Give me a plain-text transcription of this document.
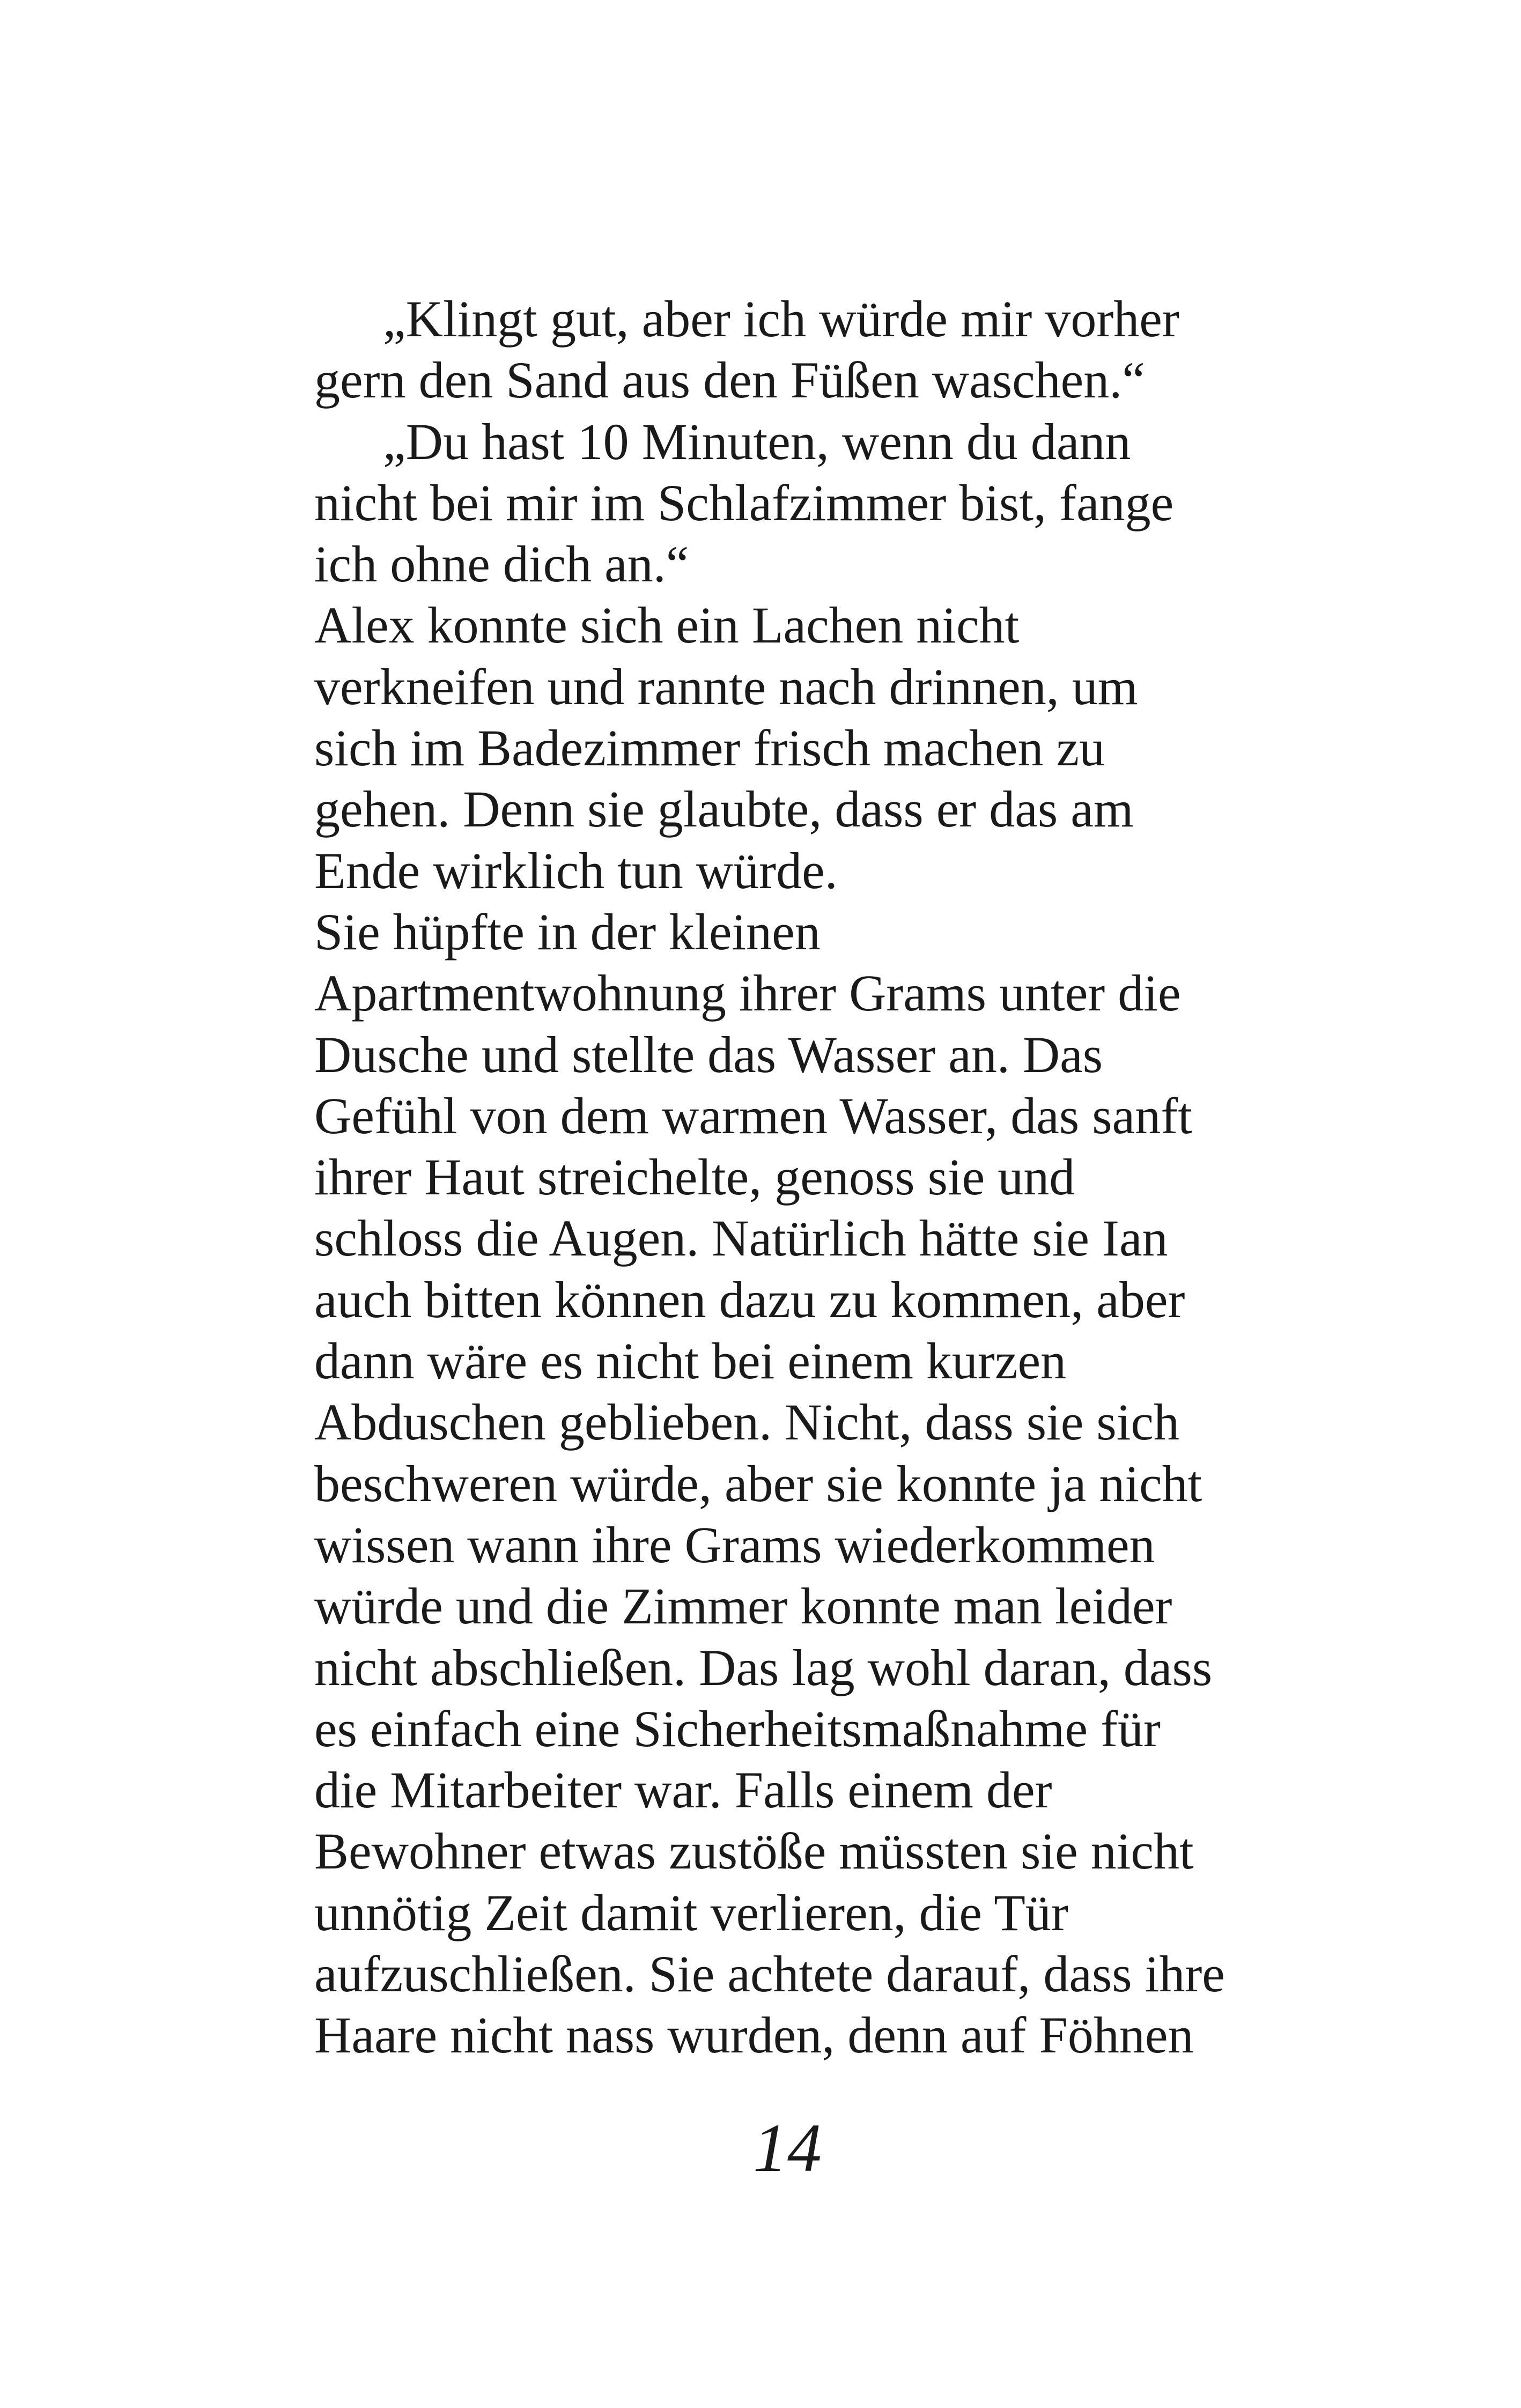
„Klingt gut, aber ich würde mir vorher
gern den Sand aus den Füßen waschen.“
„Du hast 10 Minuten, wenn du dann
nicht bei mir im Schlafzimmer bist, fange
ich ohne dich an.“
Alex konnte sich ein Lachen nicht
verkneifen und rannte nach drinnen, um
sich im Badezimmer frisch machen zu
gehen. Denn sie glaubte, dass er das am
Ende wirklich tun würde.
Sie hüpfte in der kleinen
Apartmentwohnung ihrer Grams unter die
Dusche und stellte das Wasser an. Das
Gefühl von dem warmen Wasser, das sanft
ihrer Haut streichelte, genoss sie und
schloss die Augen. Natürlich hätte sie Ian
auch bitten können dazu zu kommen, aber
dann wäre es nicht bei einem kurzen
Abduschen geblieben. Nicht, dass sie sich
beschweren würde, aber sie konnte ja nicht
wissen wann ihre Grams wiederkommen
würde und die Zimmer konnte man leider
nicht abschließen. Das lag wohl daran, dass
es einfach eine Sicherheitsmaßnahme für
die Mitarbeiter war. Falls einem der
Bewohner etwas zustöße müssten sie nicht
unnötig Zeit damit verlieren, die Tür
aufzuschließen. Sie achtete darauf, dass ihre
Haare nicht nass wurden, denn auf Föhnen
14
